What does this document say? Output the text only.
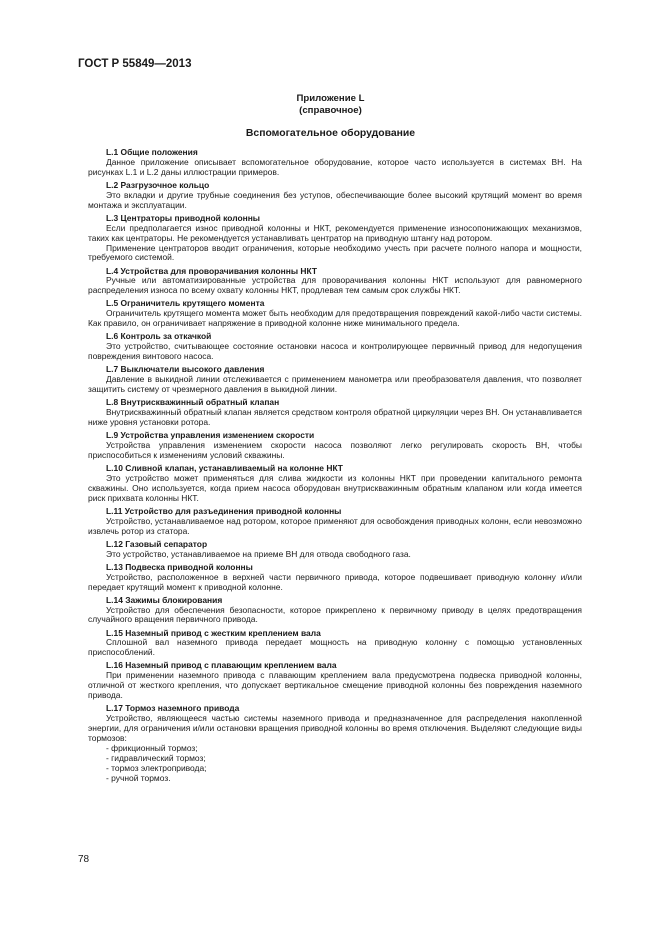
ГОСТ Р 55849—2013
Приложение L
(справочное)
Вспомогательное оборудование
L.1 Общие положения

Данное приложение описывает вспомогательное оборудование, которое часто используется в системах ВН. На рисунках L.1 и L.2 даны иллюстрации примеров.

L.2 Разгрузочное кольцо

Это вкладки и другие трубные соединения без уступов, обеспечивающие более высокий крутящий момент во время монтажа и эксплуатации.

L.3 Центраторы приводной колонны

Если предполагается износ приводной колонны и НКТ, рекомендуется применение износопонижающих механизмов, таких как центраторы. Не рекомендуется устанавливать центратор на приводную штангу над ротором.

Применение центраторов вводит ограничения, которые необходимо учесть при расчете полного напора и мощности, требуемого системой.

L.4 Устройства для проворачивания колонны НКТ

Ручные или автоматизированные устройства для проворачивания колонны НКТ используют для равномерного распределения износа по всему охвату колонны НКТ, продлевая тем самым срок службы НКТ.

L.5 Ограничитель крутящего момента

Ограничитель крутящего момента может быть необходим для предотвращения повреждений какой-либо части системы. Как правило, он ограничивает напряжение в приводной колонне ниже минимального предела.

L.6 Контроль за откачкой

Это устройство, считывающее состояние остановки насоса и контролирующее первичный привод для недопущения повреждения винтового насоса.

L.7 Выключатели высокого давления

Давление в выкидной линии отслеживается с применением манометра или преобразователя давления, что позволяет защитить систему от чрезмерного давления в выкидной линии.

L.8 Внутрискважинный обратный клапан

Внутрискважинный обратный клапан является средством контроля обратной циркуляции через ВН. Он устанавливается ниже уровня установки ротора.

L.9 Устройства управления изменением скорости

Устройства управления изменением скорости насоса позволяют легко регулировать скорость ВН, чтобы приспособиться к изменениям условий скважины.

L.10 Сливной клапан, устанавливаемый на колонне НКТ

Это устройство может применяться для слива жидкости из колонны НКТ при проведении капитального ремонта скважины. Оно используется, когда прием насоса оборудован внутрискважинным обратным клапаном или когда имеется риск прихвата колонны НКТ.

L.11 Устройство для разъединения приводной колонны

Устройство, устанавливаемое над ротором, которое применяют для освобождения приводных колонн, если невозможно извлечь ротор из статора.

L.12 Газовый сепаратор

Это устройство, устанавливаемое на приеме ВН для отвода свободного газа.

L.13 Подвеска приводной колонны

Устройство, расположенное в верхней части первичного привода, которое подвешивает приводную колонну и/или передает крутящий момент к приводной колонне.

L.14 Зажимы блокирования

Устройство для обеспечения безопасности, которое прикреплено к первичному приводу в целях предотвращения случайного вращения первичного привода.

L.15 Наземный привод с жестким креплением вала

Сплошной вал наземного привода передает мощность на приводную колонну с помощью установленных приспособлений.

L.16 Наземный привод с плавающим креплением вала

При применении наземного привода с плавающим креплением вала предусмотрена подвеска приводной колонны, отличной от жесткого крепления, что допускает вертикальное смещение приводной колонны без повреждения наземного привода.

L.17 Тормоз наземного привода

Устройство, являющееся частью системы наземного привода и предназначенное для распределения накопленной энергии, для ограничения и/или остановки вращения приводной колонны во время отключения. Выделяют следующие виды тормозов:

- фрикционный тормоз;
- гидравлический тормоз;
- тормоз электропривода;
- ручной тормоз.
78
